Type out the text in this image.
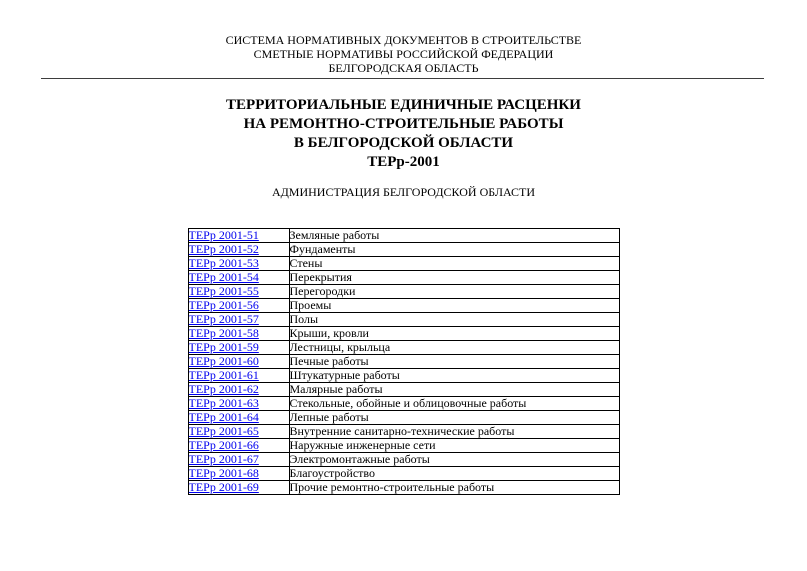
СИСТЕМА НОРМАТИВНЫХ ДОКУМЕНТОВ В СТРОИТЕЛЬСТВЕ
СМЕТНЫЕ НОРМАТИВЫ РОССИЙСКОЙ ФЕДЕРАЦИИ
БЕЛГОРОДСКАЯ ОБЛАСТЬ
ТЕРРИТОРИАЛЬНЫЕ ЕДИНИЧНЫЕ РАСЦЕНКИ
НА РЕМОНТНО-СТРОИТЕЛЬНЫЕ РАБОТЫ
В БЕЛГОРОДСКОЙ ОБЛАСТИ
ТЕРр-2001
АДМИНИСТРАЦИЯ БЕЛГОРОДСКОЙ ОБЛАСТИ
ТЕРр 2001-51	Земляные работы
ТЕРр 2001-52	Фундаменты
ТЕРр 2001-53	Стены
ТЕРр 2001-54	Перекрытия
ТЕРр 2001-55	Перегородки
ТЕРр 2001-56	Проемы
ТЕРр 2001-57	Полы
ТЕРр 2001-58	Крыши, кровли
ТЕРр 2001-59	Лестницы, крыльца
ТЕРр 2001-60	Печные работы
ТЕРр 2001-61	Штукатурные работы
ТЕРр 2001-62	Малярные работы
ТЕРр 2001-63	Стекольные, обойные и облицовочные работы
ТЕРр 2001-64	Лепные работы
ТЕРр 2001-65	Внутренние санитарно-технические работы
ТЕРр 2001-66	Наружные инженерные сети
ТЕРр 2001-67	Электромонтажные работы
ТЕРр 2001-68	Благоустройство
ТЕРр 2001-69	Прочие ремонтно-строительные работы
